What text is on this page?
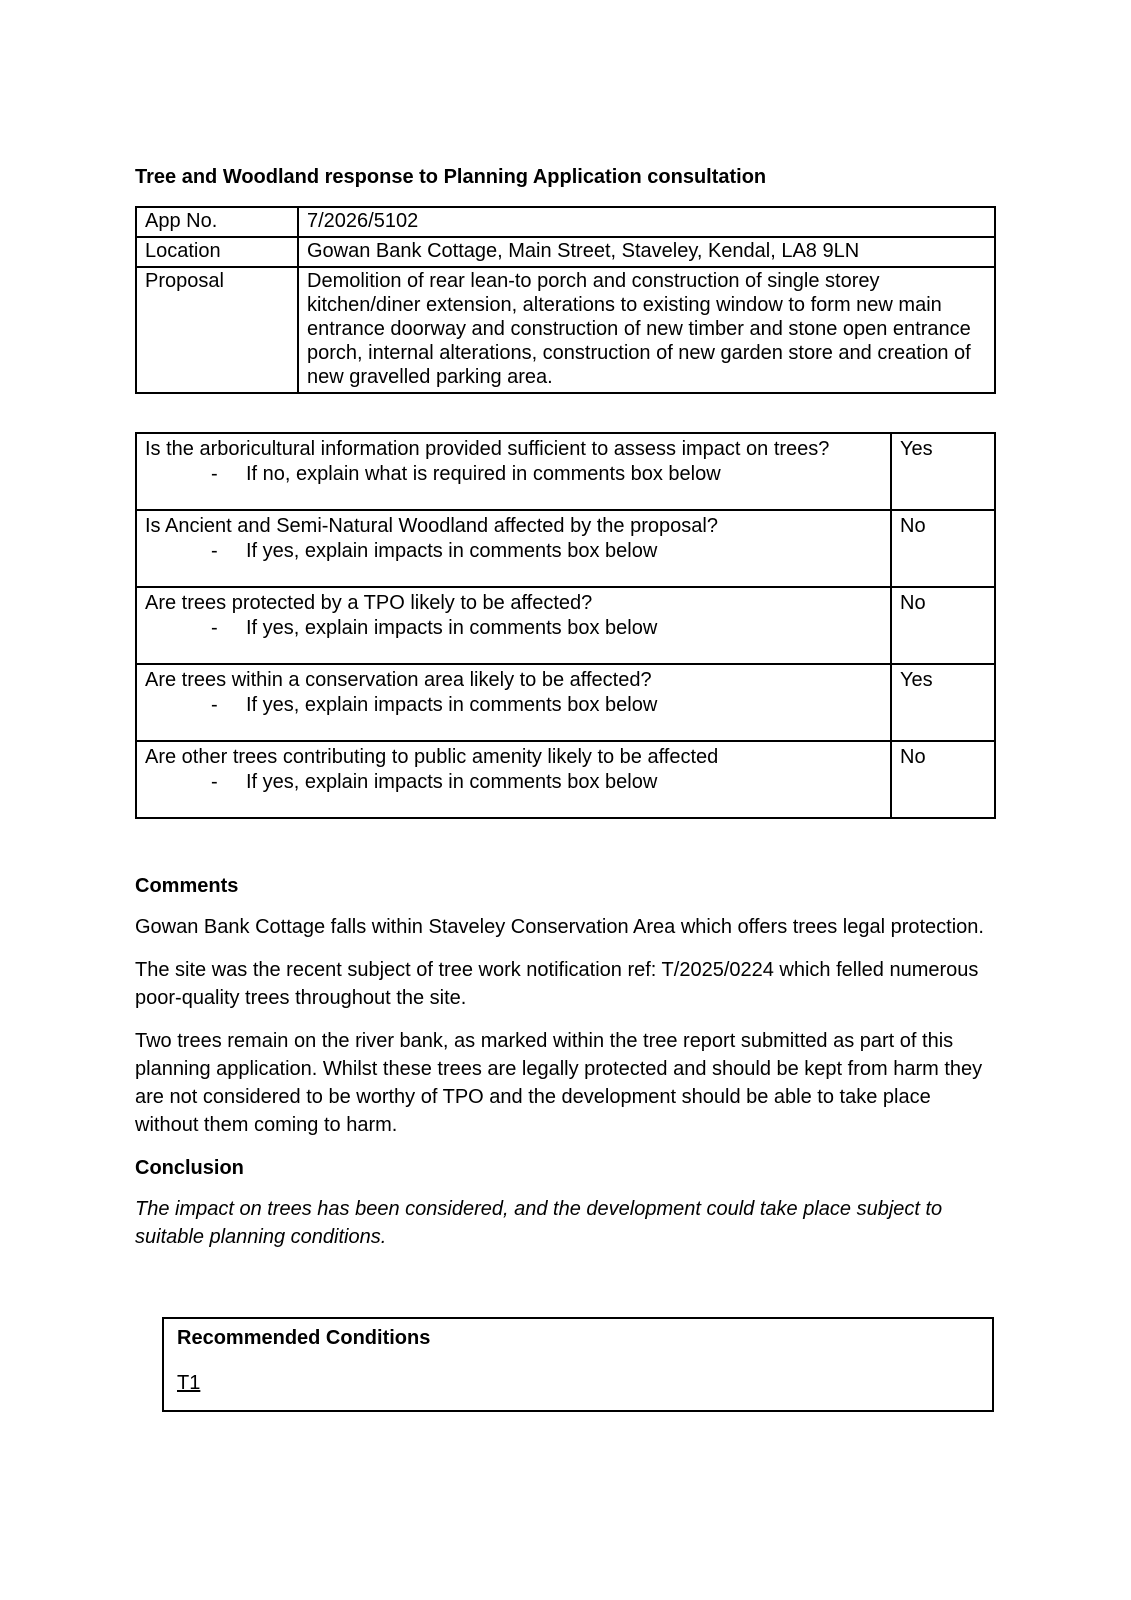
Tree and Woodland response to Planning Application consultation
App No.	7/2026/5102
Location	Gowan Bank Cottage, Main Street, Staveley, Kendal, LA8 9LN
Proposal	Demolition of rear lean-to porch and construction of single storey kitchen/diner extension, alterations to existing window to form new main entrance doorway and construction of new timber and stone open entrance porch, internal alterations, construction of new garden store and creation of new gravelled parking area.
Is the arboricultural information provided sufficient to assess impact on trees?
- If no, explain what is required in comments box below	Yes

Is Ancient and Semi-Natural Woodland affected by the proposal?
- If yes, explain impacts in comments box below	No

Are trees protected by a TPO likely to be affected?
- If yes, explain impacts in comments box below	No

Are trees within a conservation area likely to be affected?
- If yes, explain impacts in comments box below	Yes

Are other trees contributing to public amenity likely to be affected
- If yes, explain impacts in comments box below	No
Comments

Gowan Bank Cottage falls within Staveley Conservation Area which offers trees legal protection.

The site was the recent subject of tree work notification ref: T/2025/0224 which felled numerous poor-quality trees throughout the site.

Two trees remain on the river bank, as marked within the tree report submitted as part of this planning application. Whilst these trees are legally protected and should be kept from harm they are not considered to be worthy of TPO and the development should be able to take place without them coming to harm.

Conclusion

The impact on trees has been considered, and the development could take place subject to suitable planning conditions.

Recommended Conditions
T1
